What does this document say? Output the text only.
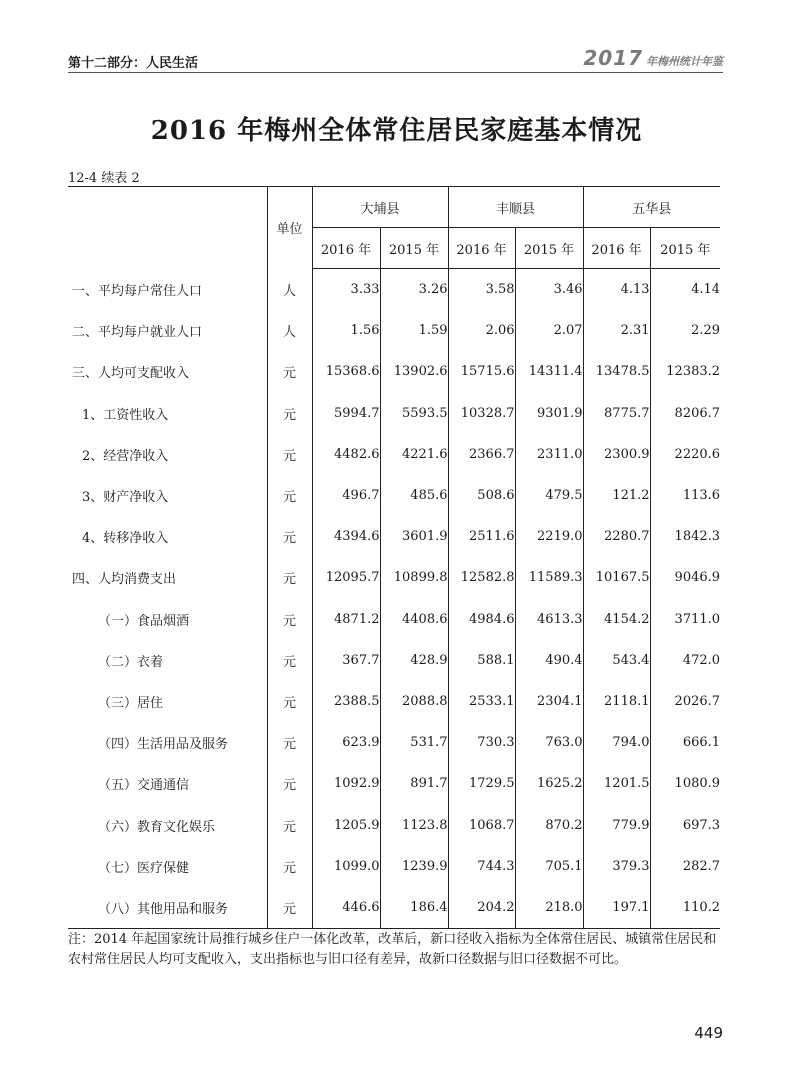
第十二部分：人民生活	2017 年梅州统计年鉴
2016 年梅州全体常住居民家庭基本情况
12-4 续表 2
	单位	大埔县		丰顺县		五华县	
		2016 年	2015 年	2016 年	2015 年	2016 年	2015 年
一、平均每户常住人口	人	3.33	3.26	3.58	3.46	4.13	4.14
二、平均每户就业人口	人	1.56	1.59	2.06	2.07	2.31	2.29
三、人均可支配收入	元	15368.6	13902.6	15715.6	14311.4	13478.5	12383.2
1、工资性收入	元	5994.7	5593.5	10328.7	9301.9	8775.7	8206.7
2、经营净收入	元	4482.6	4221.6	2366.7	2311.0	2300.9	2220.6
3、财产净收入	元	496.7	485.6	508.6	479.5	121.2	113.6
4、转移净收入	元	4394.6	3601.9	2511.6	2219.0	2280.7	1842.3
四、人均消费支出	元	12095.7	10899.8	12582.8	11589.3	10167.5	9046.9
（一）食品烟酒	元	4871.2	4408.6	4984.6	4613.3	4154.2	3711.0
（二）衣着	元	367.7	428.9	588.1	490.4	543.4	472.0
（三）居住	元	2388.5	2088.8	2533.1	2304.1	2118.1	2026.7
（四）生活用品及服务	元	623.9	531.7	730.3	763.0	794.0	666.1
（五）交通通信	元	1092.9	891.7	1729.5	1625.2	1201.5	1080.9
（六）教育文化娱乐	元	1205.9	1123.8	1068.7	870.2	779.9	697.3
（七）医疗保健	元	1099.0	1239.9	744.3	705.1	379.3	282.7
（八）其他用品和服务	元	446.6	186.4	204.2	218.0	197.1	110.2
注：2014 年起国家统计局推行城乡住户一体化改革，改革后，新口径收入指标为全体常住居民、城镇常住居民和农村常住居民人均可支配收入，支出指标也与旧口径有差异，故新口径数据与旧口径数据不可比。
449
